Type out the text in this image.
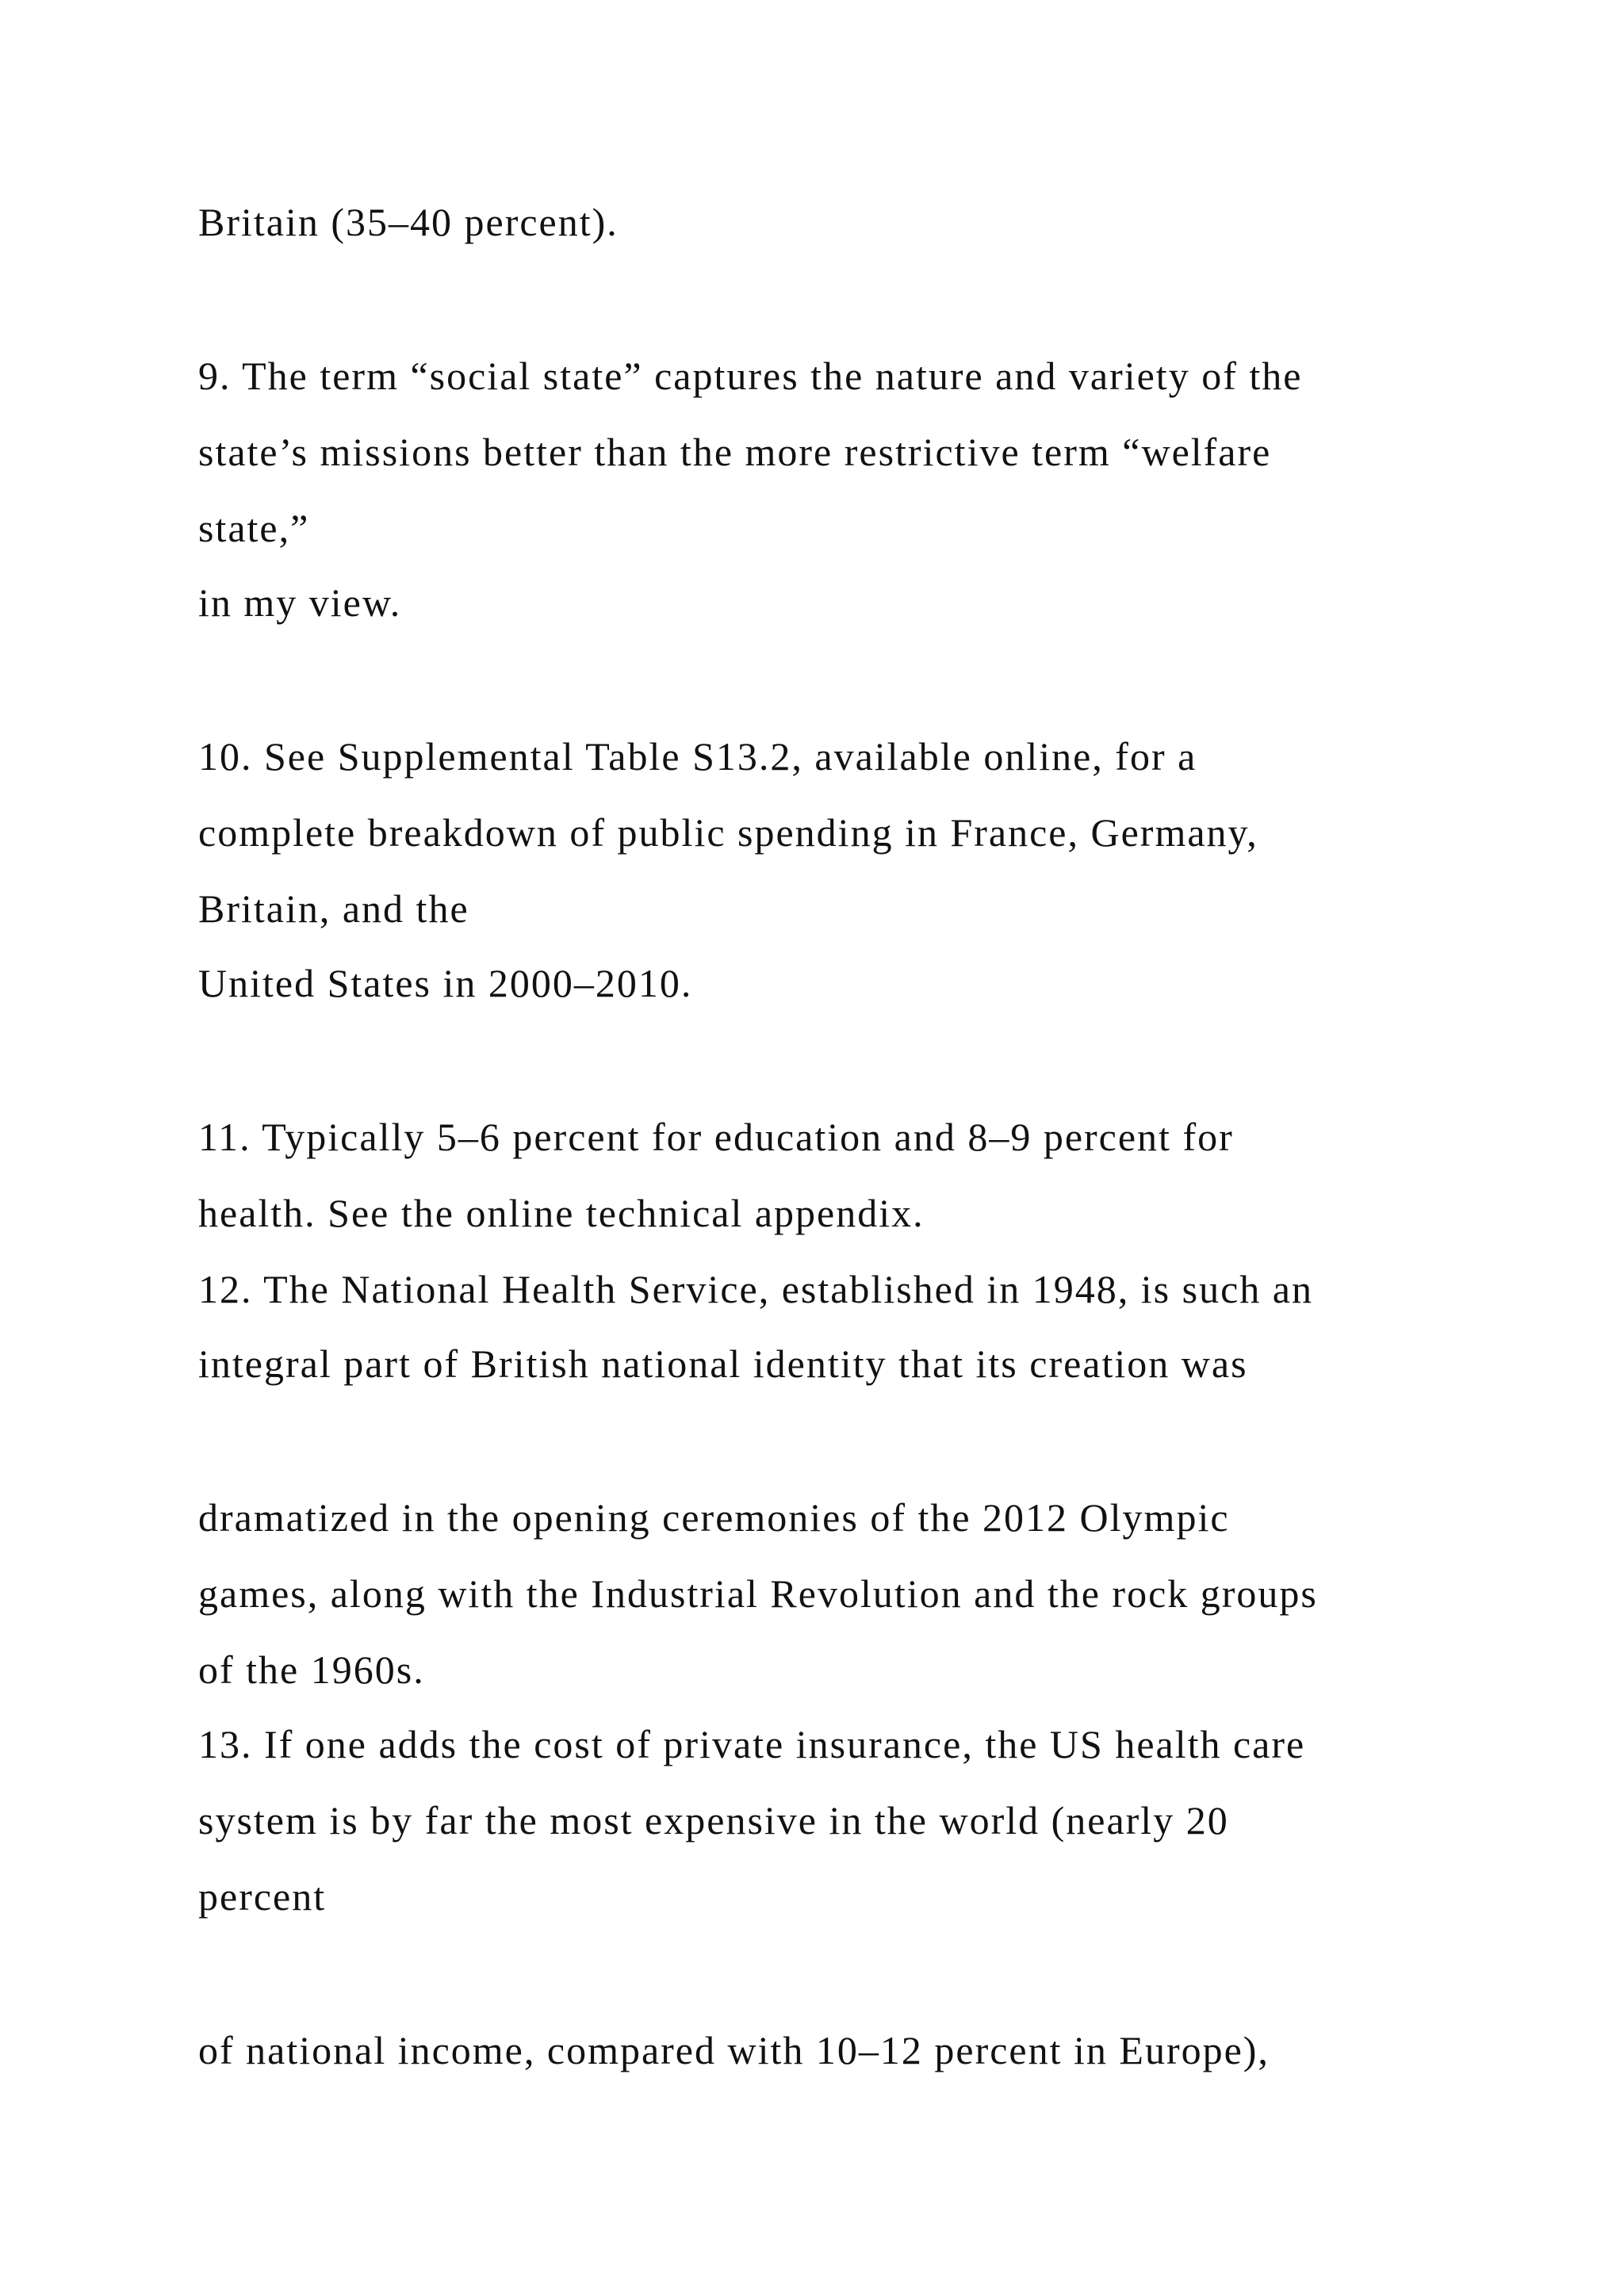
Britain (35–40 percent).
9. The term “social state” captures the nature and variety of the
state’s missions better than the more restrictive term “welfare
state,”
in my view.
10. See Supplemental Table S13.2, available online, for a
complete breakdown of public spending in France, Germany,
Britain, and the
United States in 2000–2010.
11. Typically 5–6 percent for education and 8–9 percent for
health. See the online technical appendix.
12. The National Health Service, established in 1948, is such an
integral part of British national identity that its creation was
dramatized in the opening ceremonies of the 2012 Olympic
games, along with the Industrial Revolution and the rock groups
of the 1960s.
13. If one adds the cost of private insurance, the US health care
system is by far the most expensive in the world (nearly 20
percent
of national income, compared with 10–12 percent in Europe),
